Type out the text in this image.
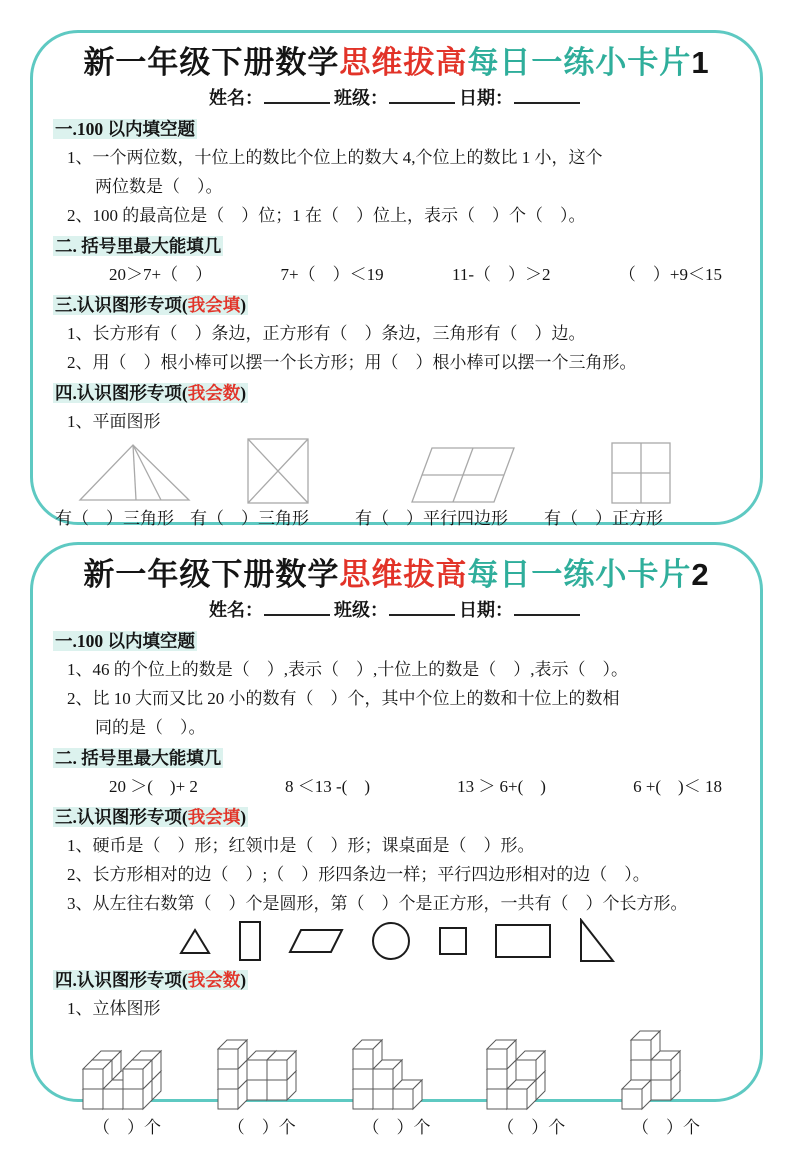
新一年级下册数学思维拔高每日一练小卡片1
姓名：	班级：	日期：
一.100 以内填空题
1、一个两位数，十位上的数比个位上的数大 4,个位上的数比 1 小，这个
两位数是（　）。
2、100 的最高位是（　）位；1 在（　）位上，表示（　）个（　）。
二. 括号里最大能填几
20＞7+（　）	7+（　）＜19	11-（　）＞2	（　）+9＜15
三.认识图形专项(我会填)
1、长方形有（　）条边，正方形有（　）条边，三角形有（　）边。
2、用（　）根小棒可以摆一个长方形；用（　）根小棒可以摆一个三角形。
四.认识图形专项(我会数)
1、平面图形
有（　）三角形 有（　）三角形	有（　）平行四边形 有（　）正方形
新一年级下册数学思维拔高每日一练小卡片2
姓名：	班级：	日期：
一.100 以内填空题
1、46 的个位上的数是（　）,表示（　）,十位上的数是（　）,表示（　）。
2、比 10 大而又比 20 小的数有（　）个，其中个位上的数和十位上的数相
同的是（　）。
二. 括号里最大能填几
20 ＞(　)+ 2	8 ＜13 -(　)	13 ＞ 6+(　)	6 +(　)＜ 18
三.认识图形专项(我会填)
1、硬币是（　）形；红领巾是（　）形；课桌面是（　）形。
2、长方形相对的边（　）;（　）形四条边一样；平行四边形相对的边（　）。
3、从左往右数第（　）个是圆形，第（　）个是正方形，一共有（　）个长方形。
四.认识图形专项(我会数)
1、立体图形
（　）个	（　）个	（　）个	（　）个	（　）个
